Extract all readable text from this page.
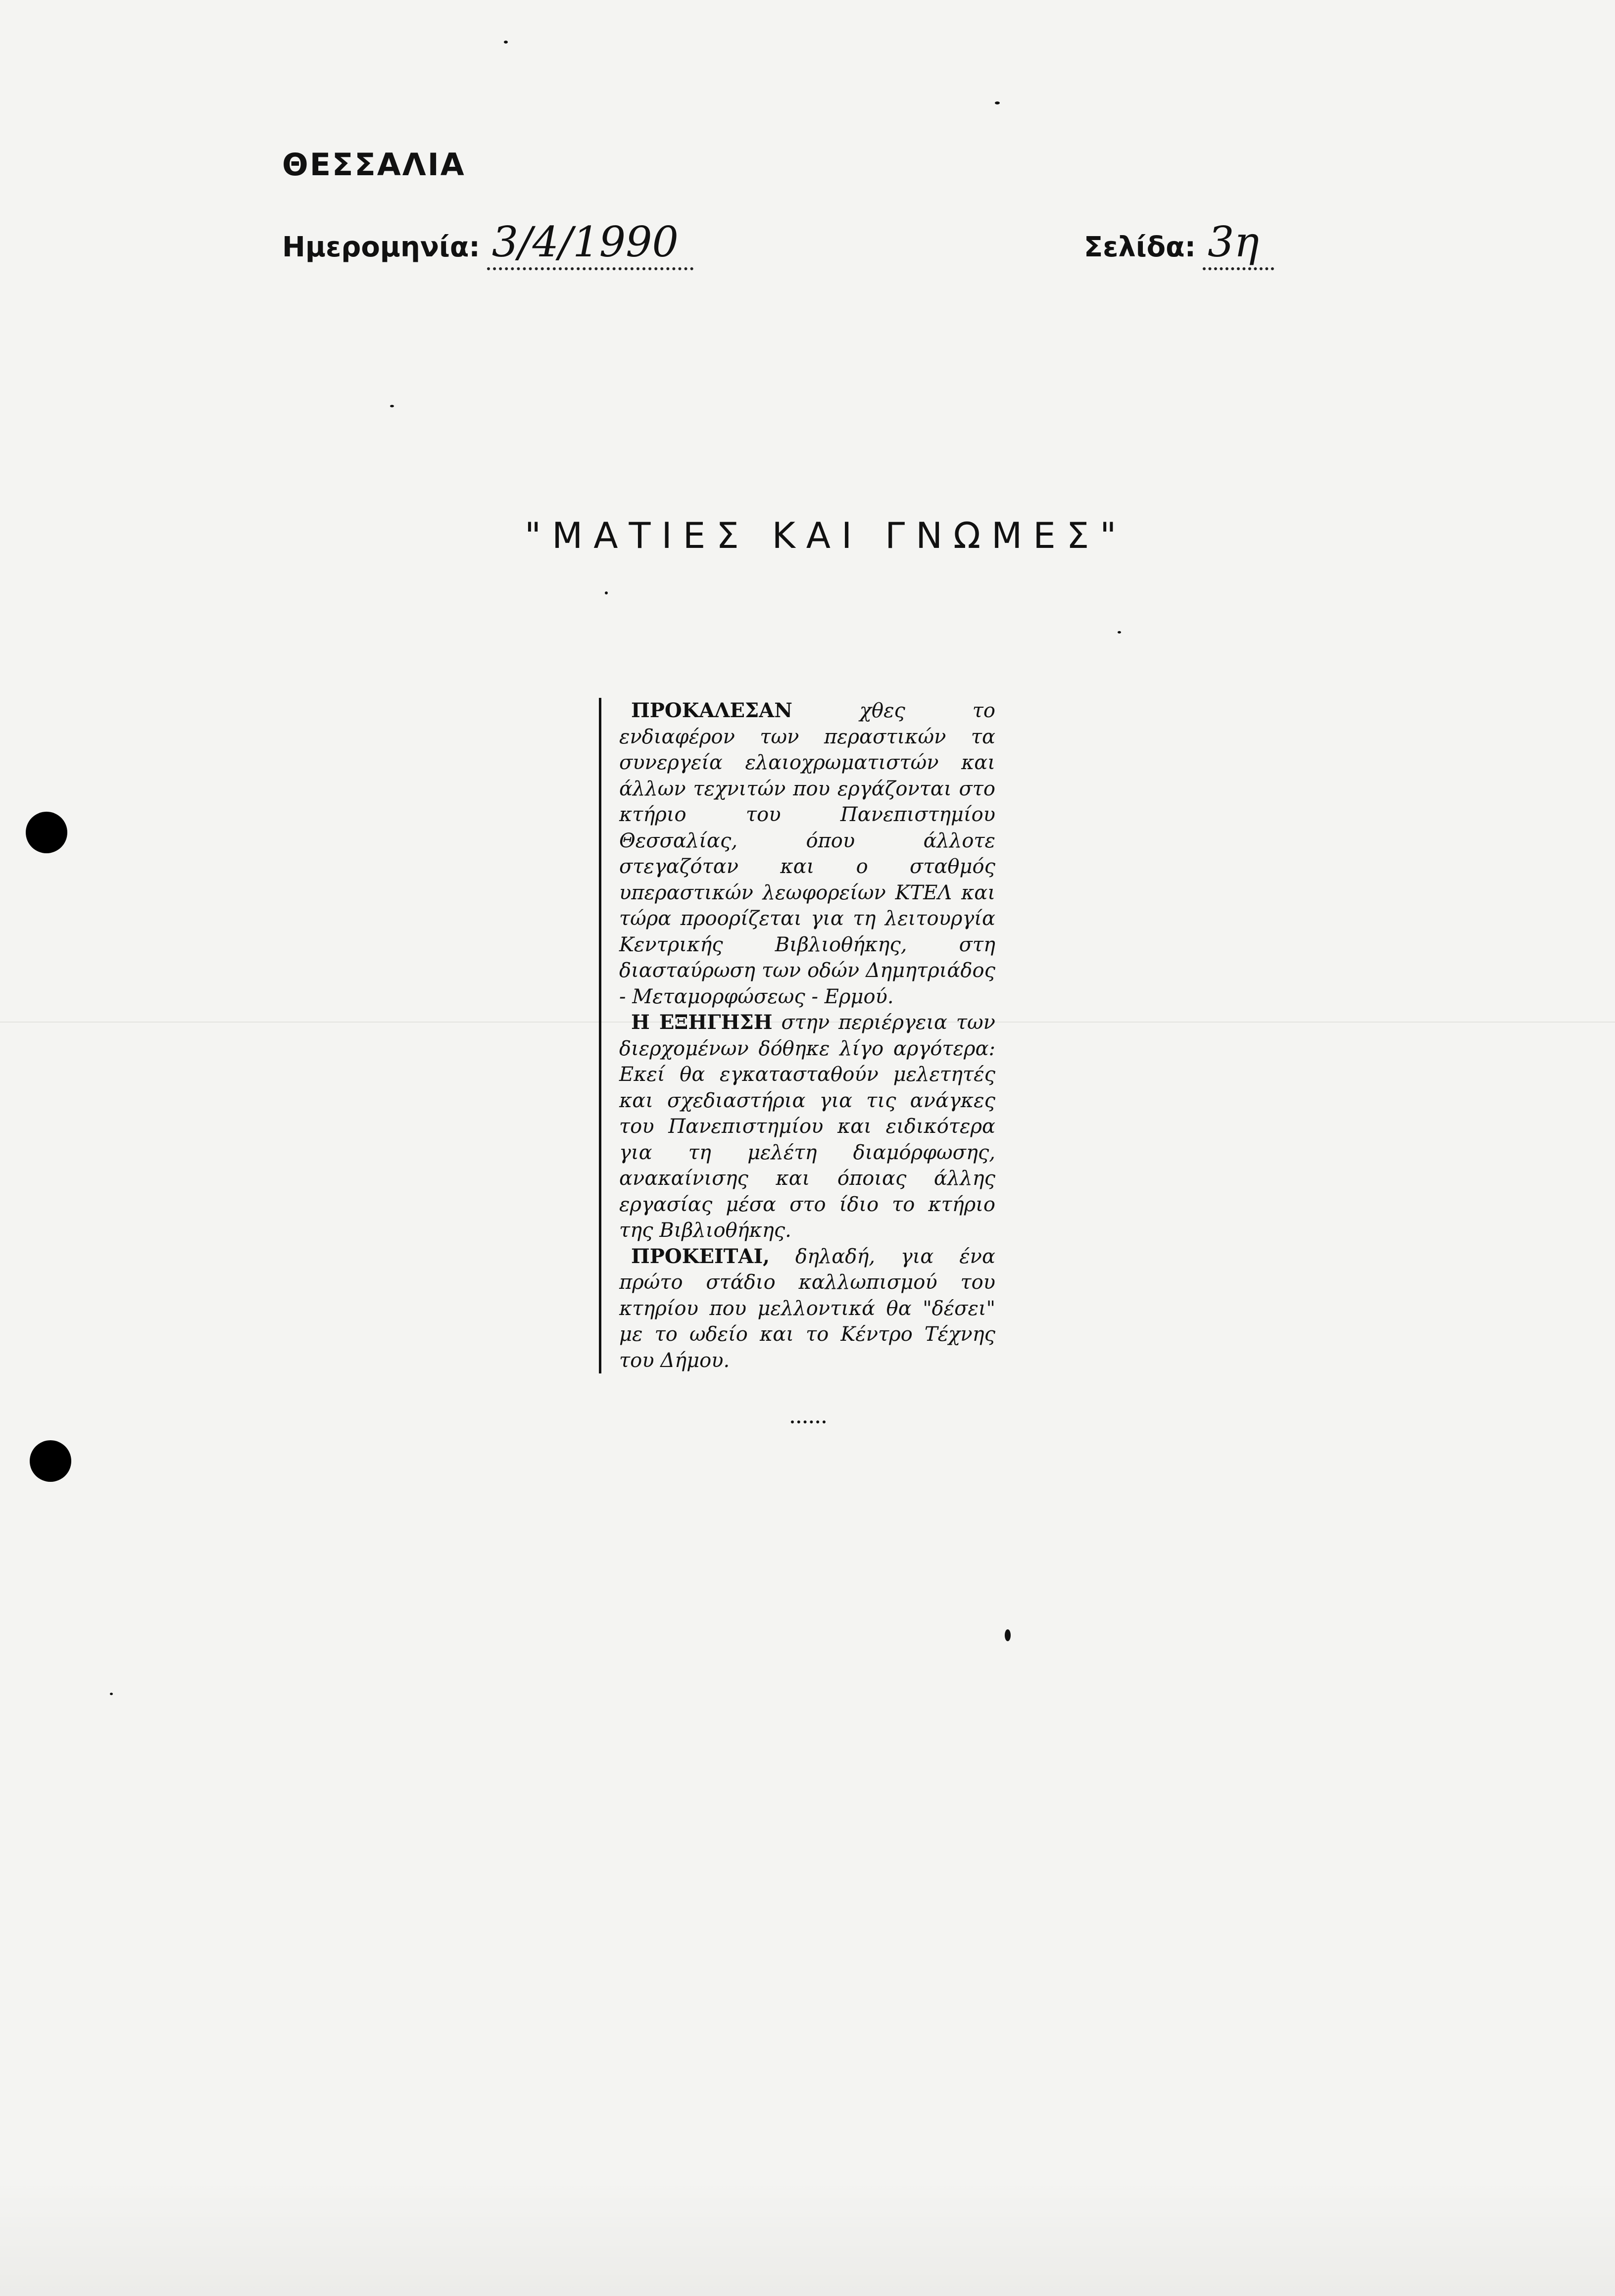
ΘΕΣΣΑΛΙΑ
Ημερομηνία: 3/4/1990	Σελίδα: 3η
"ΜΑΤΙΕΣ ΚΑΙ ΓΝΩΜΕΣ"

ΠΡΟΚΑΛΕΣΑΝ χθες το ενδιαφέρον των περαστικών τα συνεργεία ελαιοχρωματιστών και άλλων τεχνιτών που εργάζονται στο κτήριο του Πανεπιστημίου Θεσσαλίας, όπου άλλοτε στεγαζόταν και ο σταθμός υπεραστικών λεωφορείων ΚΤΕΛ και τώρα προορίζεται για τη λειτουργία Κεντρικής Βιβλιοθήκης, στη διασταύρωση των οδών Δημητριάδος - Μεταμορφώσεως - Ερμού.

Η ΕΞΗΓΗΣΗ στην περιέργεια των διερχομένων δόθηκε λίγο αργότερα: Εκεί θα εγκατασταθούν μελετητές και σχεδιαστήρια για τις ανάγκες του Πανεπιστημίου και ειδικότερα για τη μελέτη διαμόρφωσης, ανακαίνισης και όποιας άλλης εργασίας μέσα στο ίδιο το κτήριο της Βιβλιοθήκης.

ΠΡΟΚΕΙΤΑΙ, δηλαδή, για ένα πρώτο στάδιο καλλωπισμού του κτηρίου που μελλοντικά θα "δέσει" με το ωδείο και το Κέντρο Τέχνης του Δήμου.
